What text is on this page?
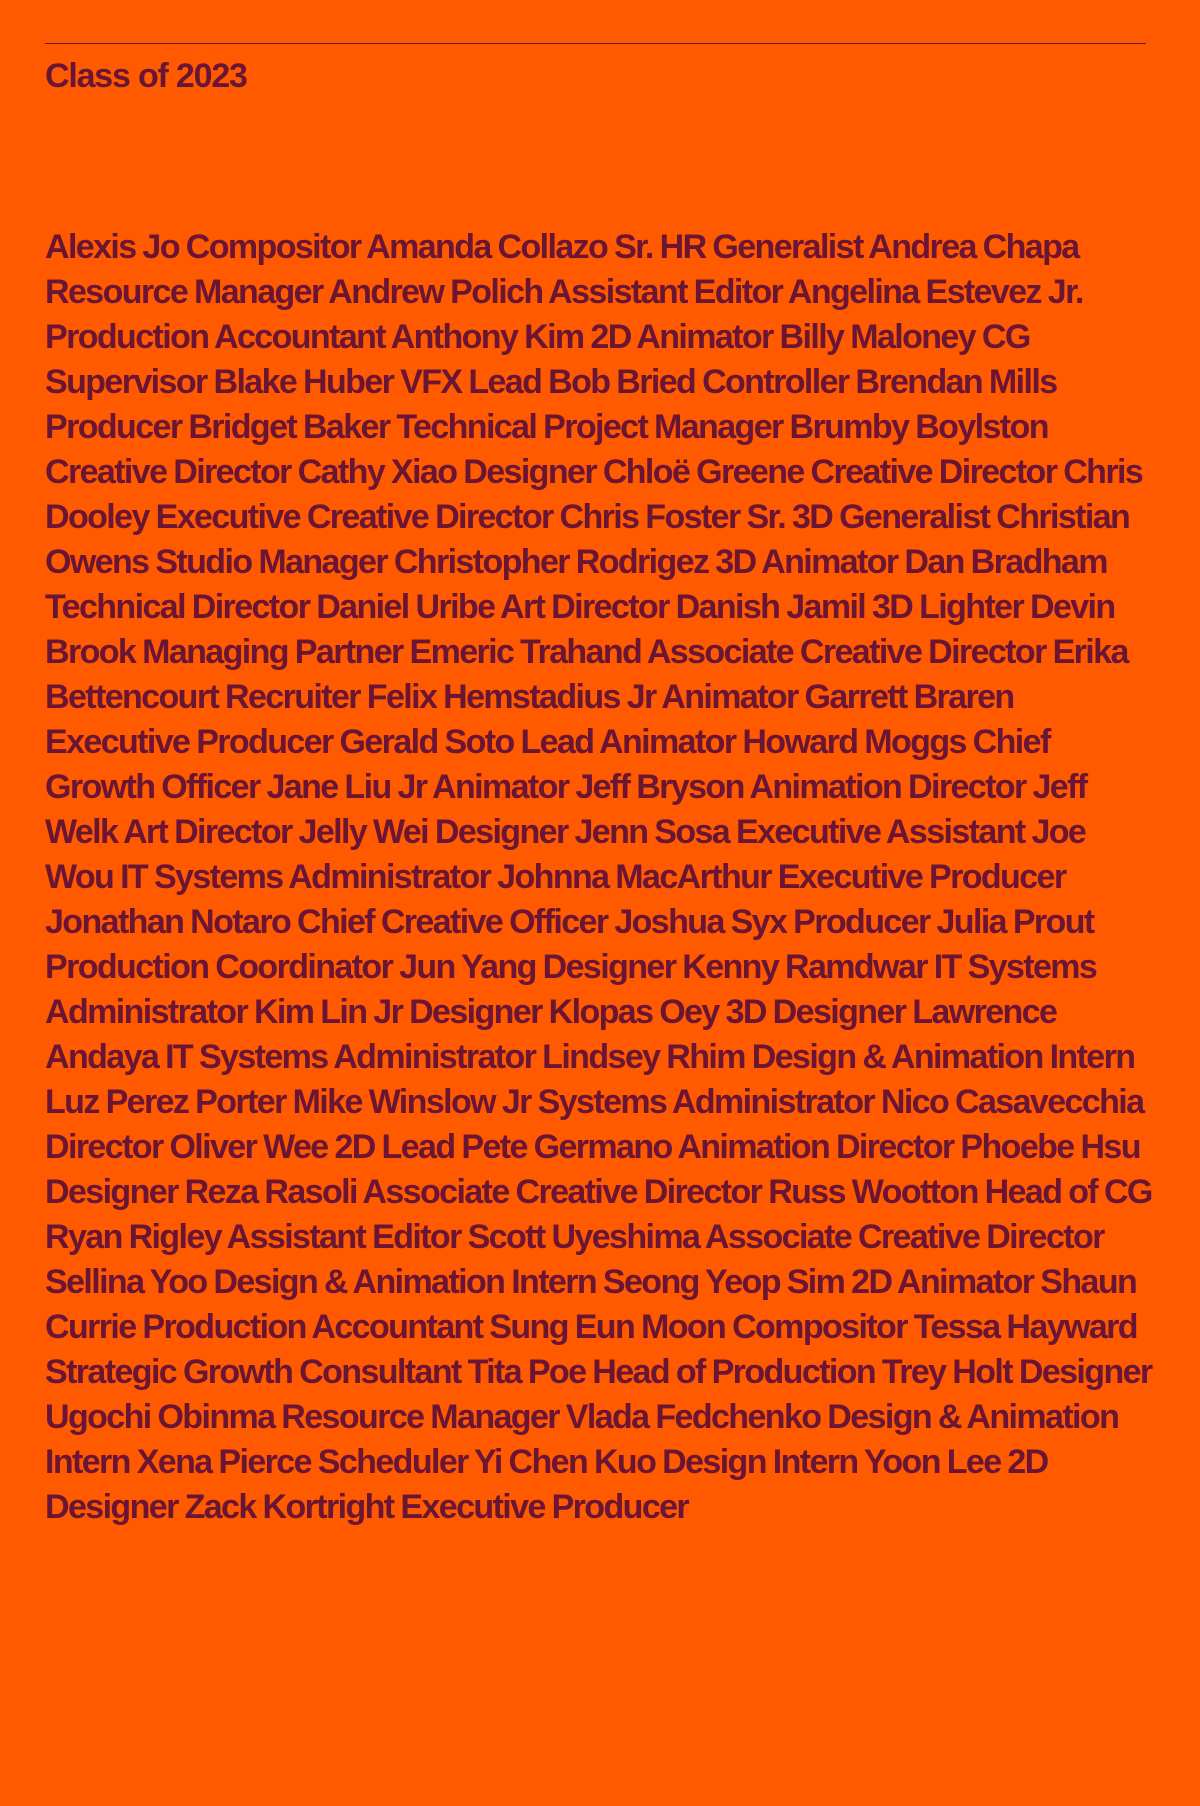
Class of 2023

Alexis Jo Compositor Amanda Collazo Sr. HR Generalist Andrea Chapa Resource Manager Andrew Polich Assistant Editor Angelina Estevez Jr. Production Accountant Anthony Kim 2D Animator Billy Maloney CG Supervisor Blake Huber VFX Lead Bob Bried Controller Brendan Mills Producer Bridget Baker Technical Project Manager Brumby Boylston Creative Director Cathy Xiao Designer Chloë Greene Creative Director Chris Dooley Executive Creative Director Chris Foster Sr. 3D Generalist Christian Owens Studio Manager Christopher Rodrigez 3D Animator Dan Bradham Technical Director Daniel Uribe Art Director Danish Jamil 3D Lighter Devin Brook Managing Partner Emeric Trahand Associate Creative Director Erika Bettencourt Recruiter Felix Hemstadius Jr Animator Garrett Braren Executive Producer Gerald Soto Lead Animator Howard Moggs Chief Growth Officer Jane Liu Jr Animator Jeff Bryson Animation Director Jeff Welk Art Director Jelly Wei Designer Jenn Sosa Executive Assistant Joe Wou IT Systems Administrator Johnna MacArthur Executive Producer Jonathan Notaro Chief Creative Officer Joshua Syx Producer Julia Prout Production Coordinator Jun Yang Designer Kenny Ramdwar IT Systems Administrator Kim Lin Jr Designer Klopas Oey 3D Designer Lawrence Andaya IT Systems Administrator Lindsey Rhim Design & Animation Intern Luz Perez Porter Mike Winslow Jr Systems Administrator Nico Casavecchia Director Oliver Wee 2D Lead Pete Germano Animation Director Phoebe Hsu Designer Reza Rasoli Associate Creative Director Russ Wootton Head of CG Ryan Rigley Assistant Editor Scott Uyeshima Associate Creative Director Sellina Yoo Design & Animation Intern Seong Yeop Sim 2D Animator Shaun Currie Production Accountant Sung Eun Moon Compositor Tessa Hayward Strategic Growth Consultant Tita Poe Head of Production Trey Holt Designer Ugochi Obinma Resource Manager Vlada Fedchenko Design & Animation Intern Xena Pierce Scheduler Yi Chen Kuo Design Intern Yoon Lee 2D Designer Zack Kortright Executive Producer
